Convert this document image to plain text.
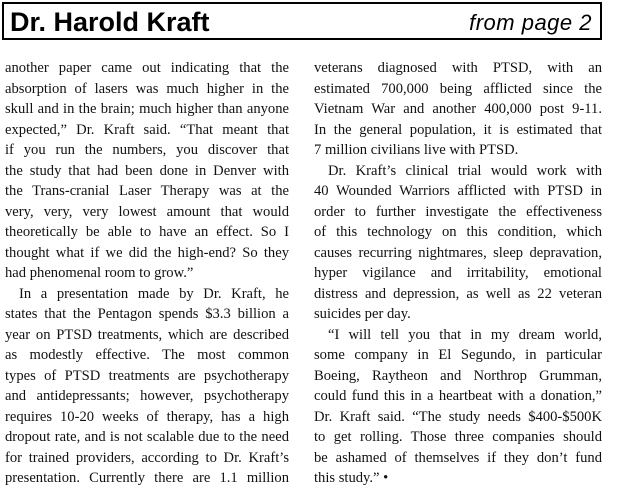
Dr. Harold Kraft	from page 2
another paper came out indicating that the
absorption of lasers was much higher in the
skull and in the brain; much higher than anyone
expected,” Dr. Kraft said. “That meant that
if you run the numbers, you discover that
the study that had been done in Denver with
the Trans-cranial Laser Therapy was at the
very, very, very lowest amount that would
theoretically be able to have an effect. So I
thought what if we did the high-end? So they
had phenomenal room to grow.”
In a presentation made by Dr. Kraft, he
states that the Pentagon spends $3.3 billion a
year on PTSD treatments, which are described
as modestly effective. The most common
types of PTSD treatments are psychotherapy
and antidepressants; however, psychotherapy
requires 10-20 weeks of therapy, has a high
dropout rate, and is not scalable due to the need
for trained providers, according to Dr. Kraft’s
presentation. Currently there are 1.1 million
veterans diagnosed with PTSD, with an
estimated 700,000 being afflicted since the
Vietnam War and another 400,000 post 9-11.
In the general population, it is estimated that
7 million civilians live with PTSD.
Dr. Kraft’s clinical trial would work with
40 Wounded Warriors afflicted with PTSD in
order to further investigate the effectiveness
of this technology on this condition, which
causes recurring nightmares, sleep depravation,
hyper vigilance and irritability, emotional
distress and depression, as well as 22 veteran
suicides per day.
“I will tell you that in my dream world,
some company in El Segundo, in particular
Boeing, Raytheon and Northrop Grumman,
could fund this in a heartbeat with a donation,”
Dr. Kraft said. “The study needs $400-$500K
to get rolling. Those three companies should
be ashamed of themselves if they don’t fund
this study.” •
